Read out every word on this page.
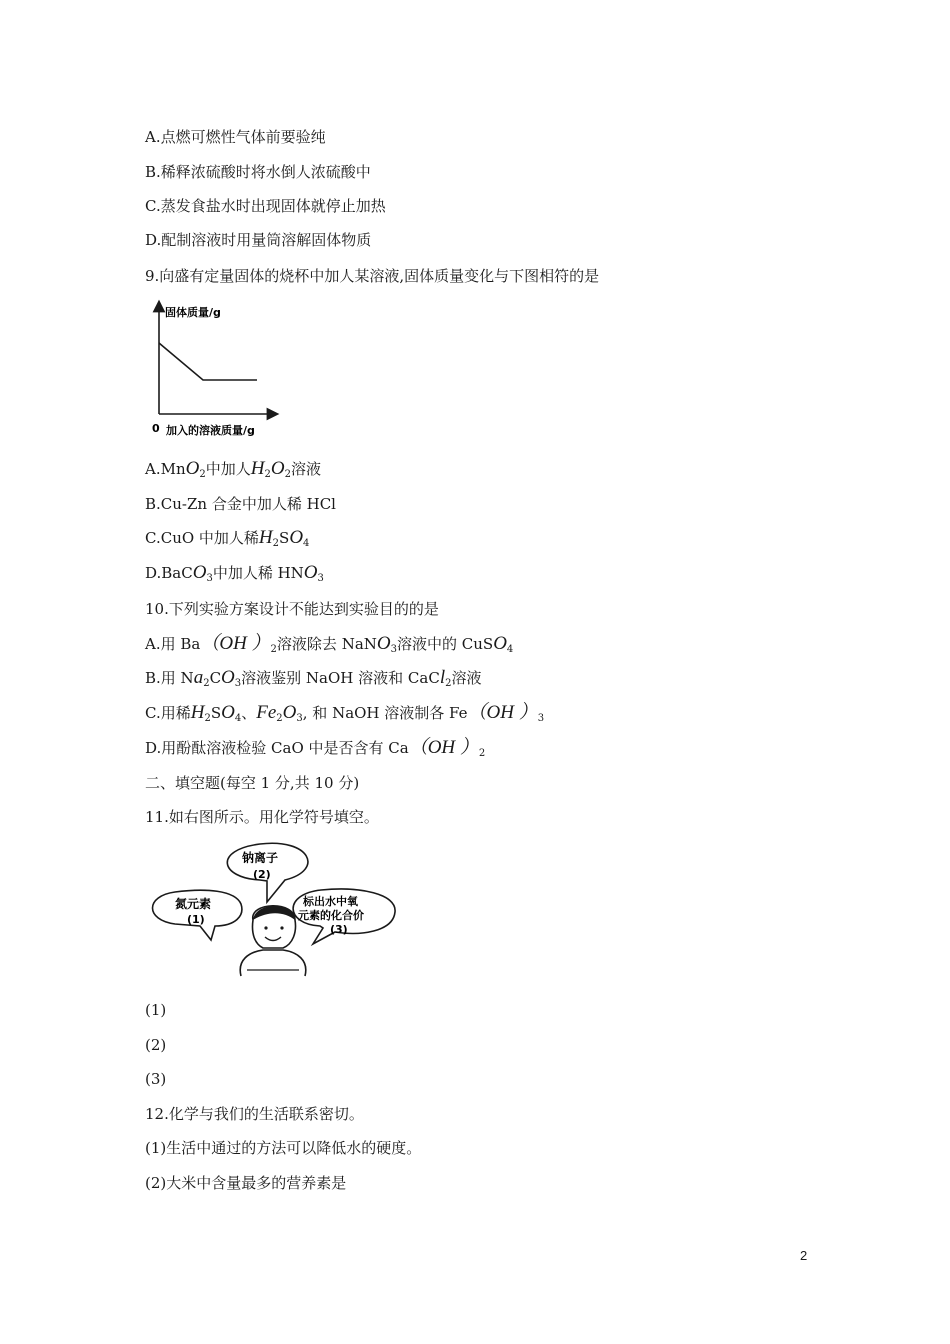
A.点燃可燃性气体前要验纯
B.稀释浓硫酸时将水倒人浓硫酸中
C.蒸发食盐水时出现固体就停止加热
D.配制溶液时用量筒溶解固体物质
9.向盛有定量固体的烧杯中加人某溶液,固体质量变化与下图相符的是
固体质量/g
0 加入的溶液质量/g
A.MnO$_2$中加人$H_2O_2$溶液
B.Cu-Zn 合金中加人稀 HCl
C.CuO 中加人稀$H_2SO_4$
D.BaCO$_3$中加人稀 $HNO_3$
10.下列实验方案设计不能达到实验目的的是
A.用 Ba（OH ）$_2$溶液除去 NaNO$_3$溶液中的 CuSO$_4$
B.用 $Na_2CO_3$溶液鉴别 NaOH 溶液和 CaCl$_2$溶液
C.用稀$H_2SO_4$、$Fe_2O_3$, 和 NaOH 溶液制各 Fe（OH ）$_3$
D.用酚酞溶液检验 CaO 中是否含有 Ca（OH ）$_2$
二、填空题(每空 1 分,共 10 分)
11.如右图所示。用化学符号填空。
钠离子
(2)
氮元素
(1)
标出水中氧
元素的化合价
(3)
(1)
(2)
(3)
12.化学与我们的生活联系密切。
(1)生活中通过的方法可以降低水的硬度。
(2)大米中含量最多的营养素是
2
